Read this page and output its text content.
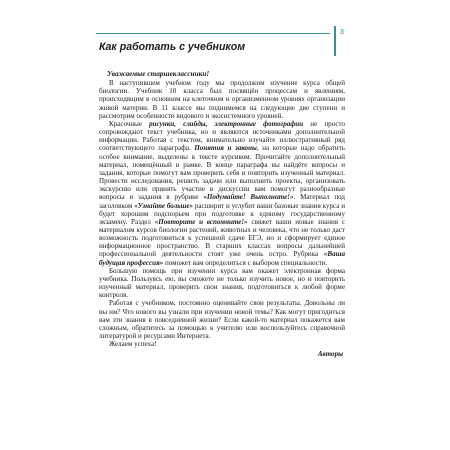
3
Как работать с учебником
Уважаемые старшеклассники!

В наступившем учебном году мы продолжим изучение курса общей биологии. Учебник 10 класса был посвящён процессам и явлениям, происходящим в основном на клеточном и организменном уровнях организации живой материи. В 11 классе мы поднимемся на следующие две ступени и рассмотрим особенности видового и экосистемного уровней.

Красочные рисунки, слайды, электронные фотографии не просто сопровождают текст учебника, но и являются источниками дополнительной информации. Работая с текстом, внимательно изучайте иллюстративный ряд соответствующего параграфа. Понятия и законы, на которые надо обратить особое внимание, выделены в тексте курсивом. Прочитайте дополнительный материал, помещённый в рамке. В конце параграфа вы найдёте вопросы и задания, которые помогут вам проверить себя и повторить изученный материал. Провести исследования, решить задачи или выполнить проекты, организовать экскурсию или принять участие в дискуссии вам помогут разнообразные вопросы и задания в рубрике «Подумайте! Выполните!». Материал под заголовком «Узнайте больше» расширит и углубит ваши базовые знания курса и будет хорошим подспорьем при подготовке к единому государственному экзамену. Раздел «Повторите и вспомните!» свяжет ваши новые знания с материалом курсов биологии растений, животных и человека, что не только даст возможность подготовиться к успешной сдаче ЕГЭ, но и сформирует единое информационное пространство. В старших классах вопросы дальнейшей профессиональной деятельности стоят уже очень остро. Рубрика «Ваша будущая профессия» поможет вам определиться с выбором специальности.

Большую помощь при изучении курса вам окажет электронная форма учебника. Пользуясь ею, вы сможете не только изучить новое, но и повторить изученный материал, проверить свои знания, подготовиться к любой форме контроля.

Работая с учебником, постоянно оценивайте свои результаты. Довольны ли вы им? Что нового вы узнали при изучении новой темы? Как могут пригодиться вам эти знания в повседневной жизни? Если какой-то материал покажется вам сложным, обратитесь за помощью к учителю или воспользуйтесь справочной литературой и ресурсами Интернета.

Желаем успеха!

Авторы
